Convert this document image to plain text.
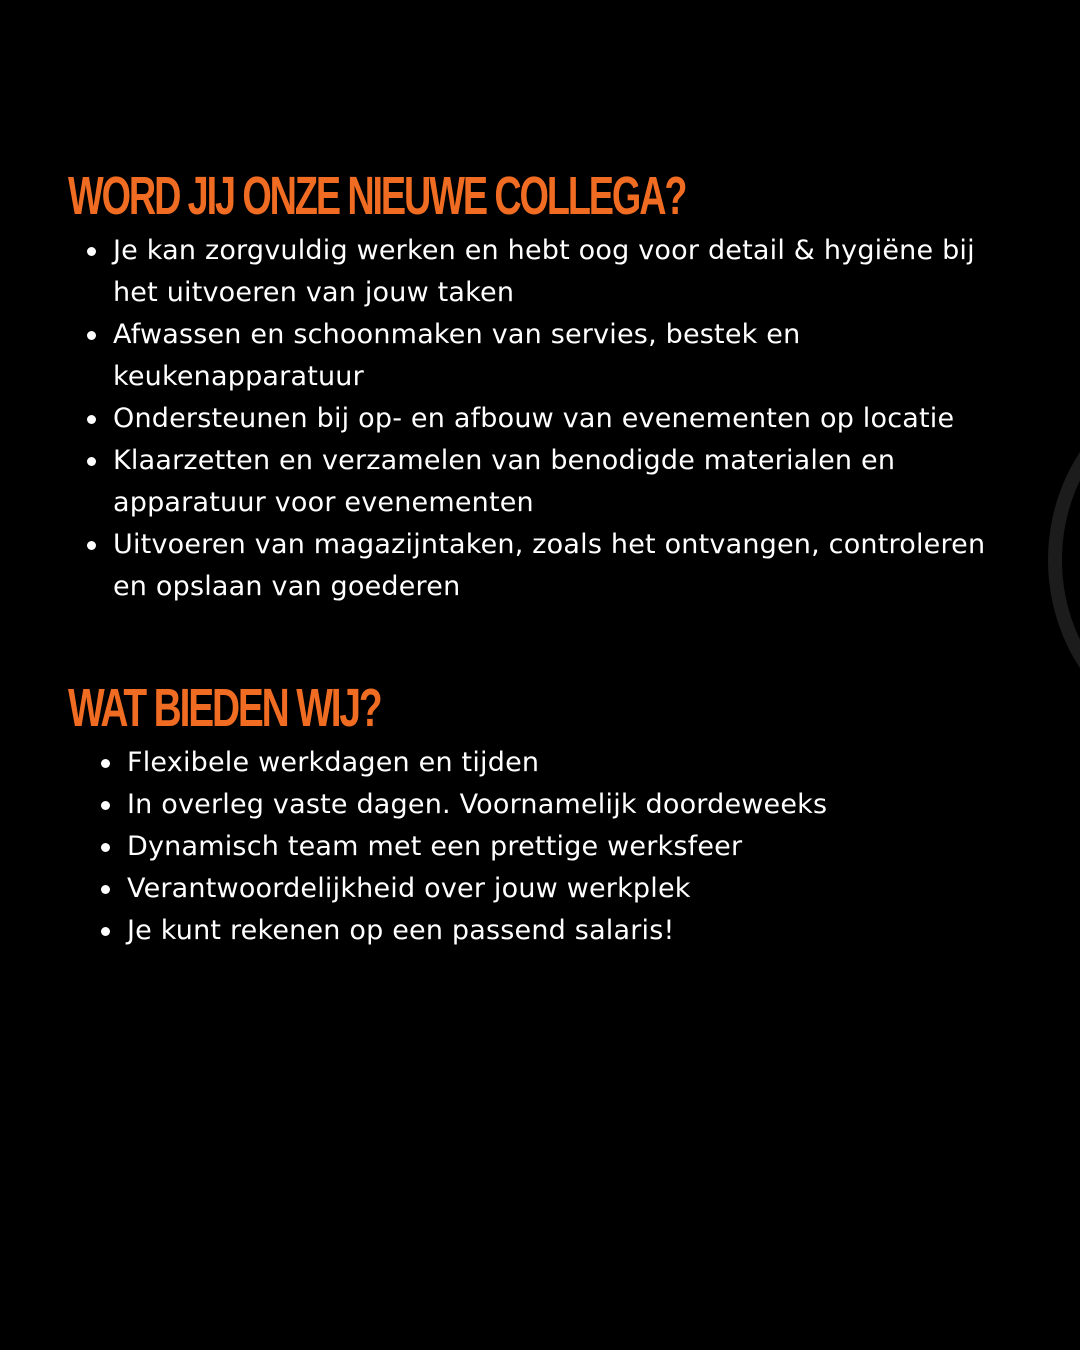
WORD JIJ ONZE NIEUWE COLLEGA?
Je kan zorgvuldig werken en hebt oog voor detail & hygiëne bij het uitvoeren van jouw taken
Afwassen en schoonmaken van servies, bestek en keukenapparatuur
Ondersteunen bij op- en afbouw van evenementen op locatie
Klaarzetten en verzamelen van benodigde materialen en apparatuur voor evenementen
Uitvoeren van magazijntaken, zoals het ontvangen, controleren en opslaan van goederen
WAT BIEDEN WIJ?
Flexibele werkdagen en tijden
In overleg vaste dagen. Voornamelijk doordeweeks
Dynamisch team met een prettige werksfeer
Verantwoordelijkheid over jouw werkplek
Je kunt rekenen op een passend salaris!
